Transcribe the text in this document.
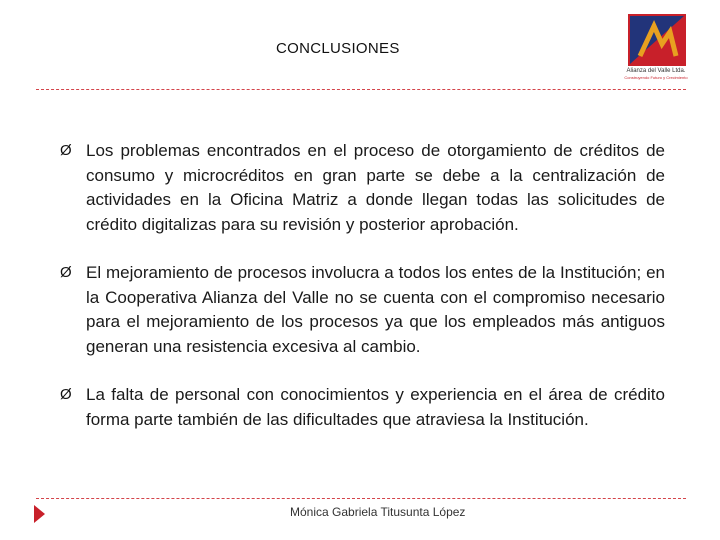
CONCLUSIONES
Alianza del Valle Ltda.
Construyendo Futuro y Crecimiento
Ø Los problemas encontrados en el proceso de otorgamiento de créditos de consumo y microcréditos en gran parte se debe a la centralización de actividades en la Oficina Matriz a donde llegan todas las solicitudes de crédito digitalizas para su revisión y posterior aprobación.
Ø El mejoramiento de procesos involucra a todos los entes de la Institución; en la Cooperativa Alianza del Valle no se cuenta con el compromiso necesario para el mejoramiento de los procesos ya que los empleados más antiguos generan una resistencia excesiva al cambio.
Ø La falta de personal con conocimientos y experiencia en el área de crédito forma parte también de las dificultades que atraviesa la Institución.
Mónica Gabriela Titusunta López
